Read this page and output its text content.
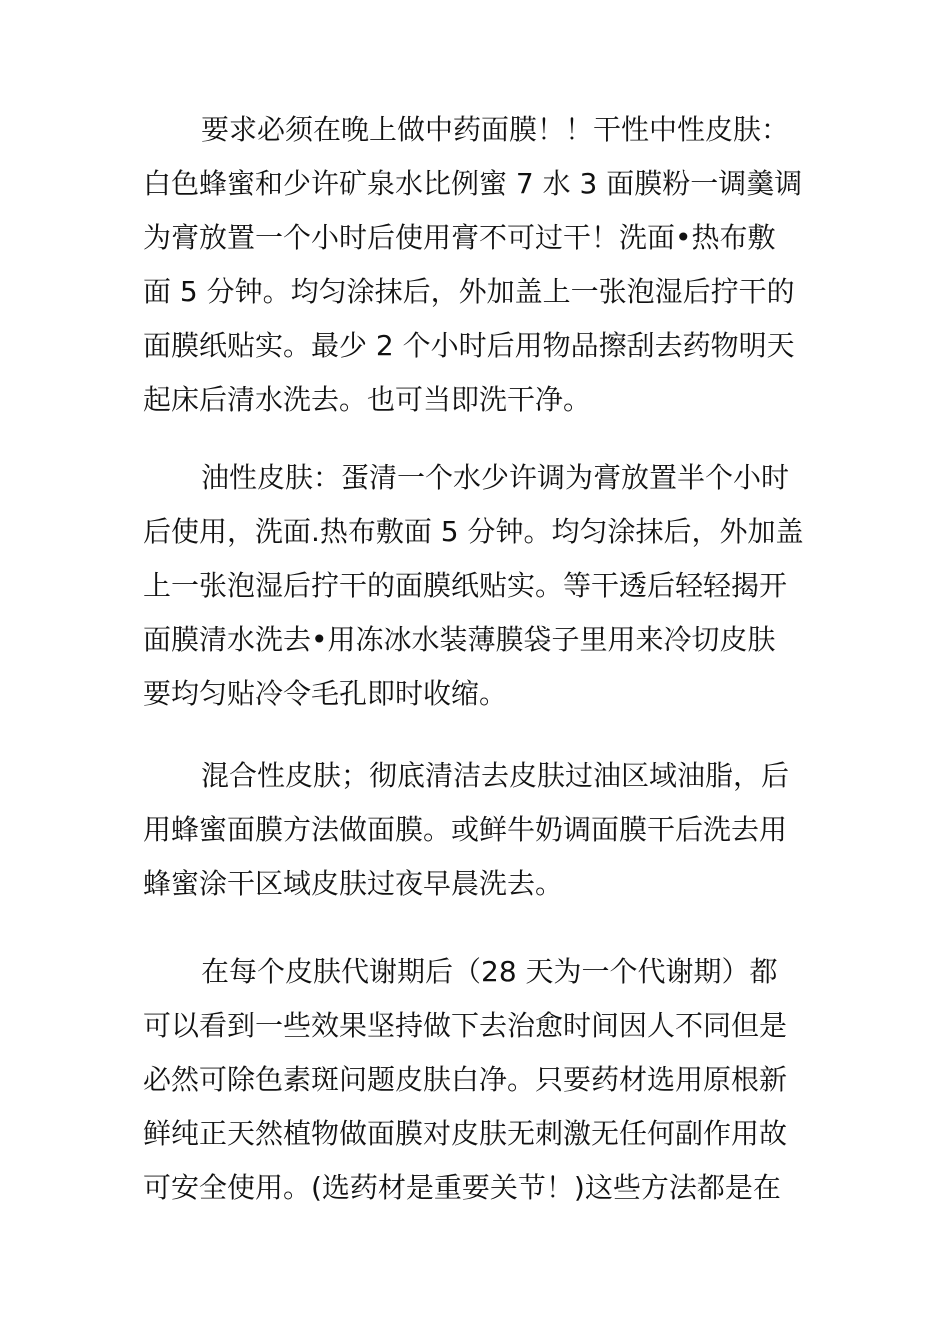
要求必须在晚上做中药面膜！！干性中性皮肤：
白色蜂蜜和少许矿泉水比例蜜 7 水 3 面膜粉一调羹调
为膏放置一个小时后使用膏不可过干！洗面•热布敷
面 5 分钟。均匀涂抹后，外加盖上一张泡湿后拧干的
面膜纸贴实。最少 2 个小时后用物品擦刮去药物明天
起床后清水洗去。也可当即洗干净。
油性皮肤：蛋清一个水少许调为膏放置半个小时
后使用，洗面.热布敷面 5 分钟。均匀涂抹后，外加盖
上一张泡湿后拧干的面膜纸贴实。等干透后轻轻揭开
面膜清水洗去•用冻冰水装薄膜袋子里用来冷切皮肤
要均匀贴冷令毛孔即时收缩。
混合性皮肤；彻底清洁去皮肤过油区域油脂，后
用蜂蜜面膜方法做面膜。或鲜牛奶调面膜干后洗去用
蜂蜜涂干区域皮肤过夜早晨洗去。
在每个皮肤代谢期后（28 天为一个代谢期）都
可以看到一些效果坚持做下去治愈时间因人不同但是
必然可除色素斑问题皮肤白净。只要药材选用原根新
鲜纯正天然植物做面膜对皮肤无刺激无任何副作用故
可安全使用。(选药材是重要关节！)这些方法都是在
